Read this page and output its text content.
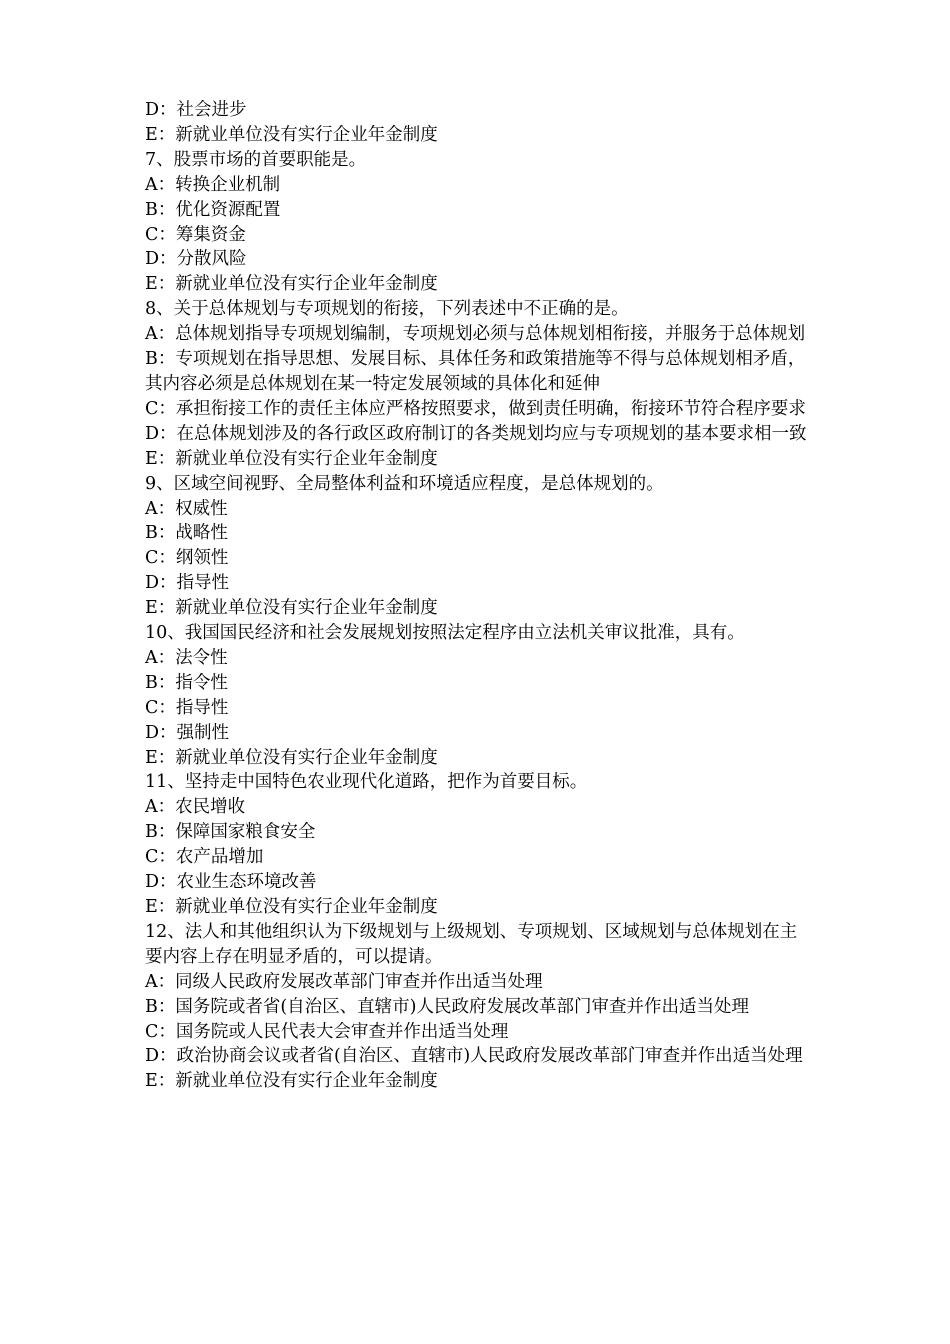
D：社会进步

E：新就业单位没有实行企业年金制度

7、股票市场的首要职能是。

A：转换企业机制

B：优化资源配置

C：筹集资金

D：分散风险

E：新就业单位没有实行企业年金制度

8、关于总体规划与专项规划的衔接，下列表述中不正确的是。

A：总体规划指导专项规划编制，专项规划必须与总体规划相衔接，并服务于总体规划

B：专项规划在指导思想、发展目标、具体任务和政策措施等不得与总体规划相矛盾，其内容必须是总体规划在某一特定发展领域的具体化和延伸

C：承担衔接工作的责任主体应严格按照要求，做到责任明确，衔接环节符合程序要求

D：在总体规划涉及的各行政区政府制订的各类规划均应与专项规划的基本要求相一致

E：新就业单位没有实行企业年金制度

9、区域空间视野、全局整体利益和环境适应程度，是总体规划的。

A：权威性

B：战略性

C：纲领性

D：指导性

E：新就业单位没有实行企业年金制度

10、我国国民经济和社会发展规划按照法定程序由立法机关审议批准，具有。

A：法令性

B：指令性

C：指导性

D：强制性

E：新就业单位没有实行企业年金制度

11、坚持走中国特色农业现代化道路，把作为首要目标。

A：农民增收

B：保障国家粮食安全

C：农产品增加

D：农业生态环境改善

E：新就业单位没有实行企业年金制度

12、法人和其他组织认为下级规划与上级规划、专项规划、区域规划与总体规划在主要内容上存在明显矛盾的，可以提请。

A：同级人民政府发展改革部门审查并作出适当处理

B：国务院或者省(自治区、直辖市)人民政府发展改革部门审查并作出适当处理

C：国务院或人民代表大会审查并作出适当处理

D：政治协商会议或者省(自治区、直辖市)人民政府发展改革部门审查并作出适当处理

E：新就业单位没有实行企业年金制度
